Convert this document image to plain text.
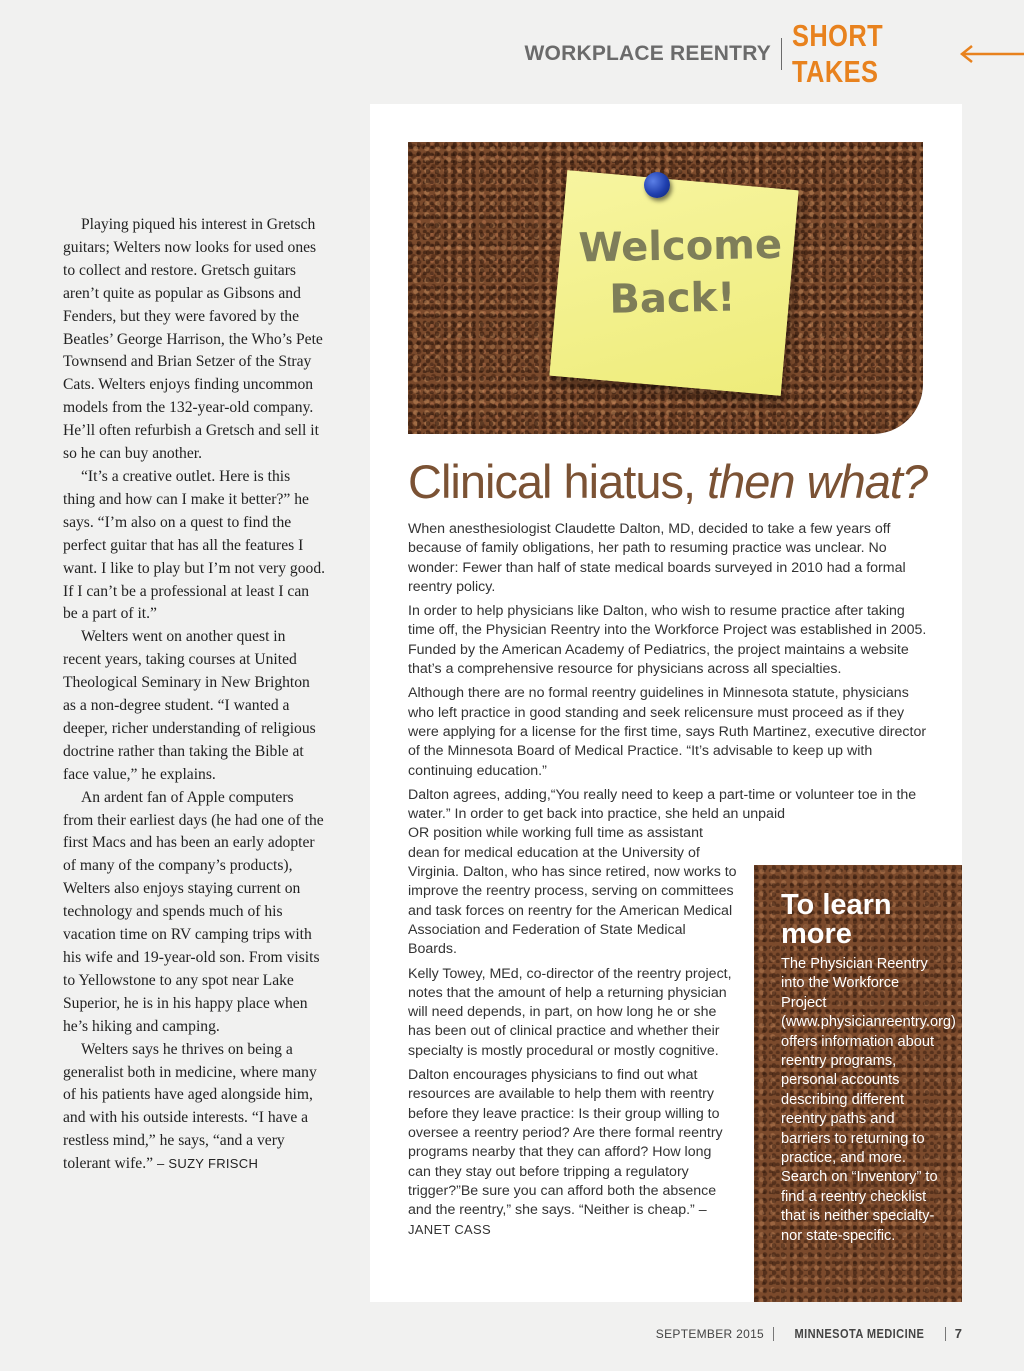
WORKPLACE REENTRY
SHORT TAKES

Playing piqued his interest in Gretsch guitars; Welters now looks for used ones to collect and restore. Gretsch guitars aren’t quite as popular as Gibsons and Fenders, but they were favored by the Beatles’ George Harrison, the Who’s Pete Townsend and Brian Setzer of the Stray Cats. Welters enjoys finding uncommon models from the 132-year-old company. He’ll often refurbish a Gretsch and sell it so he can buy another.

“It’s a creative outlet. Here is this thing and how can I make it better?” he says. “I’m also on a quest to find the perfect guitar that has all the features I want. I like to play but I’m not very good. If I can’t be a professional at least I can be a part of it.”

Welters went on another quest in recent years, taking courses at United Theological Seminary in New Brighton as a non-degree student. “I wanted a deeper, richer understanding of religious doctrine rather than taking the Bible at face value,” he explains.

An ardent fan of Apple computers from their earliest days (he had one of the first Macs and has been an early adopter of many of the company’s products), Welters also enjoys staying current on technology and spends much of his vacation time on RV camping trips with his wife and 19-year-old son. From visits to Yellowstone to any spot near Lake Superior, he is in his happy place when he’s hiking and camping.

Welters says he thrives on being a generalist both in medicine, where many of his patients have aged alongside him, and with his outside interests. “I have a restless mind,” he says, “and a very tolerant wife.” – SUZY FRISCH

Welcome
Back!
Clinical hiatus, then what?

When anesthesiologist Claudette Dalton, MD, decided to take a few years off because of family obligations, her path to resuming practice was unclear. No wonder: Fewer than half of state medical boards surveyed in 2010 had a formal reentry policy.

In order to help physicians like Dalton, who wish to resume practice after taking time off, the Physician Reentry into the Workforce Project was established in 2005. Funded by the American Academy of Pediatrics, the project maintains a website that’s a comprehensive resource for physicians across all specialties.

Although there are no formal reentry guidelines in Minnesota statute, physicians who left practice in good standing and seek relicensure must proceed as if they were applying for a license for the first time, says Ruth Martinez, executive director of the Minnesota Board of Medical Practice. “It’s advisable to keep up with continuing education.”

Dalton agrees, adding,“You really need to keep a part-time or volunteer toe in the water.” In order to get back into practice, she held an unpaid

OR position while working full time as assistant dean for medical education at the University of Virginia. Dalton, who has since retired, now works to improve the reentry process, serving on committees and task forces on reentry for the American Medical Association and Federation of State Medical Boards.

Kelly Towey, MEd, co-director of the reentry project, notes that the amount of help a returning physician will need depends, in part, on how long he or she has been out of clinical practice and whether their specialty is mostly procedural or mostly cognitive.

Dalton encourages physicians to find out what resources are available to help them with reentry before they leave practice: Is their group willing to oversee a reentry period? Are there formal reentry programs nearby that they can afford? How long can they stay out before tripping a regulatory trigger?”Be sure you can afford both the absence and the reentry,” she says. “Neither is cheap.” –
JANET CASS

To learn more
The Physician Reentry into the Workforce Project (www.physicianreentry.org) offers information about reentry programs, personal accounts describing different reentry paths and barriers to returning to practice, and more. Search on “Inventory” to find a reentry checklist that is neither specialty- nor state-specific.
SEPTEMBER 2015 MINNESOTA MEDICINE 7
